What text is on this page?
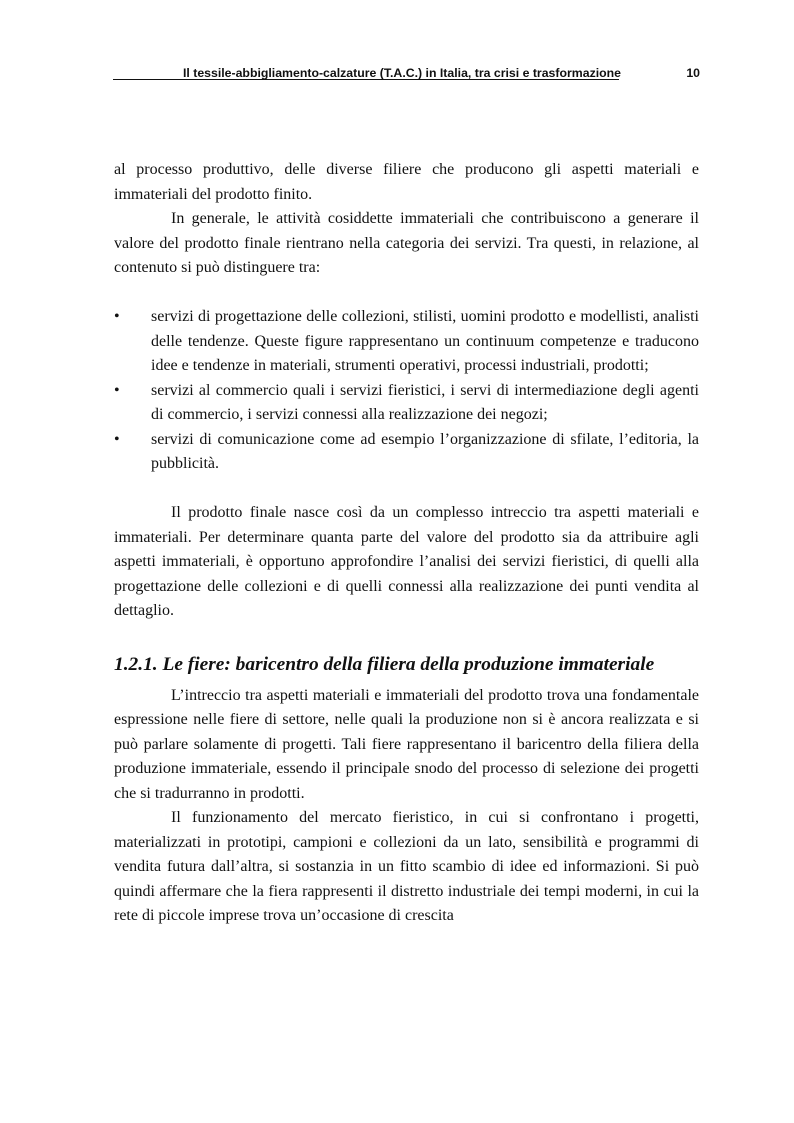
Il tessile-abbigliamento-calzature (T.A.C.) in Italia, tra crisi e trasformazione	10

al processo produttivo, delle diverse filiere che producono gli aspetti materiali e immateriali del prodotto finito.

In generale, le attività cosiddette immateriali che contribuiscono a generare il valore del prodotto finale rientrano nella categoria dei servizi. Tra questi, in relazione, al contenuto si può distinguere tra:

• servizi di progettazione delle collezioni, stilisti, uomini prodotto e modellisti, analisti delle tendenze. Queste figure rappresentano un continuum competenze e traducono idee e tendenze in materiali, strumenti operativi, processi industriali, prodotti;
• servizi al commercio quali i servizi fieristici, i servi di intermediazione degli agenti di commercio, i servizi connessi alla realizzazione dei negozi;
• servizi di comunicazione come ad esempio l’organizzazione di sfilate, l’editoria, la pubblicità.

Il prodotto finale nasce così da un complesso intreccio tra aspetti materiali e immateriali. Per determinare quanta parte del valore del prodotto sia da attribuire agli aspetti immateriali, è opportuno approfondire l’analisi dei servizi fieristici, di quelli alla progettazione delle collezioni e di quelli connessi alla realizzazione dei punti vendita al dettaglio.

1.2.1. Le fiere: baricentro della filiera della produzione immateriale

L’intreccio tra aspetti materiali e immateriali del prodotto trova una fondamentale espressione nelle fiere di settore, nelle quali la produzione non si è ancora realizzata e si può parlare solamente di progetti. Tali fiere rappresentano il baricentro della filiera della produzione immateriale, essendo il principale snodo del processo di selezione dei progetti che si tradurranno in prodotti.

Il funzionamento del mercato fieristico, in cui si confrontano i progetti, materializzati in prototipi, campioni e collezioni da un lato, sensibilità e programmi di vendita futura dall’altra, si sostanzia in un fitto scambio di idee ed informazioni. Si può quindi affermare che la fiera rappresenti il distretto industriale dei tempi moderni, in cui la rete di piccole imprese trova un’occasione di crescita
